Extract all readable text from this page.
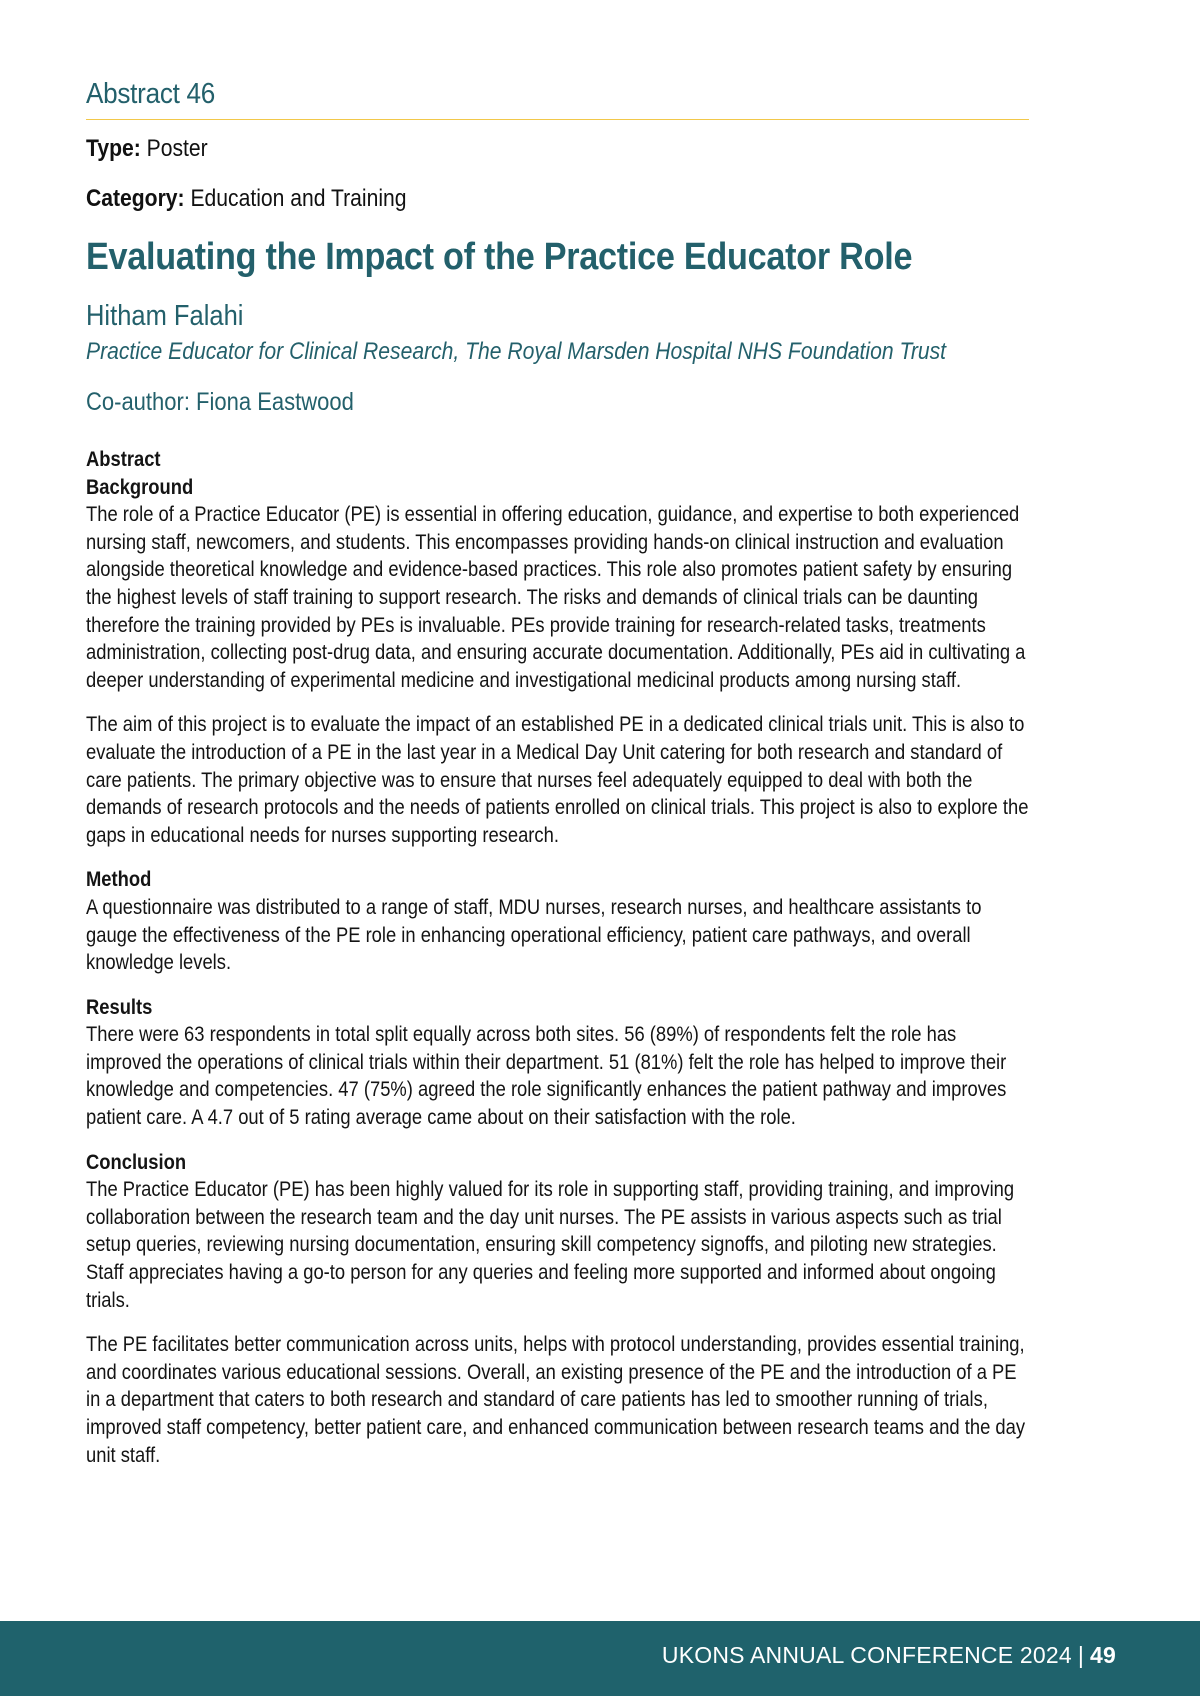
Abstract 46
Type: Poster
Category: Education and Training
Evaluating the Impact of the Practice Educator Role
Hitham Falahi
Practice Educator for Clinical Research, The Royal Marsden Hospital NHS Foundation Trust
Co-author: Fiona Eastwood

Abstract

Background

The role of a Practice Educator (PE) is essential in offering education, guidance, and expertise to both experienced nursing staff, newcomers, and students. This encompasses providing hands-on clinical instruction and evaluation alongside theoretical knowledge and evidence-based practices. This role also promotes patient safety by ensuring the highest levels of staff training to support research. The risks and demands of clinical trials can be daunting therefore the training provided by PEs is invaluable. PEs provide training for research-related tasks, treatments administration, collecting post-drug data, and ensuring accurate documentation. Additionally, PEs aid in cultivating a deeper understanding of experimental medicine and investigational medicinal products among nursing staff.

The aim of this project is to evaluate the impact of an established PE in a dedicated clinical trials unit. This is also to evaluate the introduction of a PE in the last year in a Medical Day Unit catering for both research and standard of care patients. The primary objective was to ensure that nurses feel adequately equipped to deal with both the demands of research protocols and the needs of patients enrolled on clinical trials. This project is also to explore the gaps in educational needs for nurses supporting research.

Method

A questionnaire was distributed to a range of staff, MDU nurses, research nurses, and healthcare assistants to gauge the effectiveness of the PE role in enhancing operational efficiency, patient care pathways, and overall knowledge levels.

Results

There were 63 respondents in total split equally across both sites. 56 (89%) of respondents felt the role has improved the operations of clinical trials within their department. 51 (81%) felt the role has helped to improve their knowledge and competencies. 47 (75%) agreed the role significantly enhances the patient pathway and improves patient care. A 4.7 out of 5 rating average came about on their satisfaction with the role.

Conclusion

The Practice Educator (PE) has been highly valued for its role in supporting staff, providing training, and improving collaboration between the research team and the day unit nurses. The PE assists in various aspects such as trial setup queries, reviewing nursing documentation, ensuring skill competency signoffs, and piloting new strategies. Staff appreciates having a go-to person for any queries and feeling more supported and informed about ongoing trials.

The PE facilitates better communication across units, helps with protocol understanding, provides essential training, and coordinates various educational sessions. Overall, an existing presence of the PE and the introduction of a PE in a department that caters to both research and standard of care patients has led to smoother running of trials, improved staff competency, better patient care, and enhanced communication between research teams and the day unit staff.

UKONS ANNUAL CONFERENCE 2024 | 49
